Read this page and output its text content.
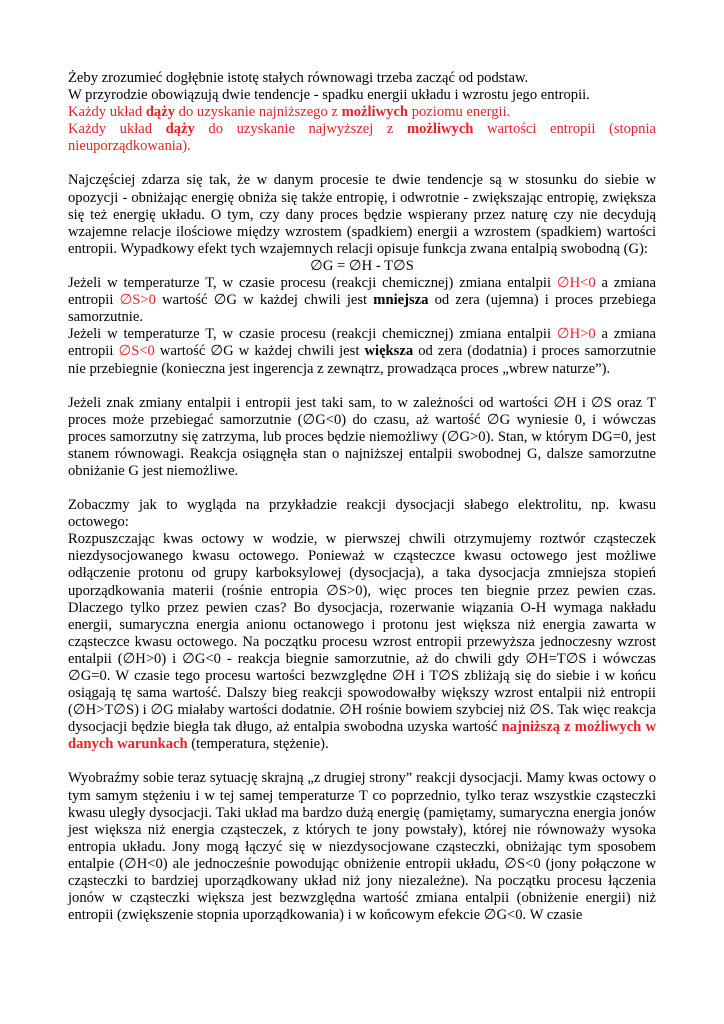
Żeby zrozumieć dogłębnie istotę stałych równowagi trzeba zacząć od podstaw.

W przyrodzie obowiązują dwie tendencje - spadku energii układu i wzrostu jego entropii.

Każdy układ dąży do uzyskanie najniższego z możliwych poziomu energii.

Każdy układ dąży do uzyskanie najwyższej z możliwych wartości entropii (stopnia nieuporządkowania).

Najczęściej zdarza się tak, że w danym procesie te dwie tendencje są w stosunku do siebie w opozycji - obniżając energię obniża się także entropię, i odwrotnie - zwiększając entropię, zwiększa się też energię układu. O tym, czy dany proces będzie wspierany przez naturę czy nie decydują wzajemne relacje ilościowe między wzrostem (spadkiem) energii a wzrostem (spadkiem) wartości entropii. Wypadkowy efekt tych wzajemnych relacji opisuje funkcja zwana entalpią swobodną (G):

∅G = ∅H - T∅S

Jeżeli w temperaturze T, w czasie procesu (reakcji chemicznej) zmiana entalpii ∅H<0 a zmiana entropii ∅S>0 wartość ∅G w każdej chwili jest mniejsza od zera (ujemna) i proces przebiega samorzutnie.

Jeżeli w temperaturze T, w czasie procesu (reakcji chemicznej) zmiana entalpii ∅H>0 a zmiana entropii ∅S<0 wartość ∅G w każdej chwili jest większa od zera (dodatnia) i proces samorzutnie nie przebiegnie (konieczna jest ingerencja z zewnątrz, prowadząca proces „wbrew naturze”).

Jeżeli znak zmiany entalpii i entropii jest taki sam, to w zależności od wartości ∅H i ∅S oraz T proces może przebiegać samorzutnie (∅G<0) do czasu, aż wartość ∅G wyniesie 0, i wówczas proces samorzutny się zatrzyma, lub proces będzie niemożliwy (∅G>0). Stan, w którym DG=0, jest stanem równowagi. Reakcja osiągnęła stan o najniższej entalpii swobodnej G, dalsze samorzutne obniżanie G jest niemożliwe.

Zobaczmy jak to wygląda na przykładzie reakcji dysocjacji słabego elektrolitu, np. kwasu octowego:

Rozpuszczając kwas octowy w wodzie, w pierwszej chwili otrzymujemy roztwór cząsteczek niezdysocjowanego kwasu octowego. Ponieważ w cząsteczce kwasu octowego jest możliwe odłączenie protonu od grupy karboksylowej (dysocjacja), a taka dysocjacja zmniejsza stopień uporządkowania materii (rośnie entropia ∅S>0), więc proces ten biegnie przez pewien czas. Dlaczego tylko przez pewien czas? Bo dysocjacja, rozerwanie wiązania O-H wymaga nakładu energii, sumaryczna energia anionu octanowego i protonu jest większa niż energia zawarta w cząsteczce kwasu octowego. Na początku procesu wzrost entropii przewyższa jednoczesny wzrost entalpii (∅H>0) i ∅G<0 - reakcja biegnie samorzutnie, aż do chwili gdy ∅H=T∅S i wówczas ∅G=0. W czasie tego procesu wartości bezwzględne ∅H i T∅S zbliżają się do siebie i w końcu osiągają tę sama wartość. Dalszy bieg reakcji spowodowałby większy wzrost entalpii niż entropii (∅H>T∅S) i ∅G miałaby wartości dodatnie. ∅H rośnie bowiem szybciej niż ∅S. Tak więc reakcja dysocjacji będzie biegła tak długo, aż entalpia swobodna uzyska wartość najniższą z możliwych w danych warunkach (temperatura, stężenie).

Wyobraźmy sobie teraz sytuację skrajną „z drugiej strony” reakcji dysocjacji. Mamy kwas octowy o tym samym stężeniu i w tej samej temperaturze T co poprzednio, tylko teraz wszystkie cząsteczki kwasu uległy dysocjacji. Taki układ ma bardzo dużą energię (pamiętamy, sumaryczna energia jonów jest większa niż energia cząsteczek, z których te jony powstały), której nie równoważy wysoka entropia układu. Jony mogą łączyć się w niezdysocjowane cząsteczki, obniżając tym sposobem entalpie (∅H<0) ale jednocześnie powodując obniżenie entropii układu, ∅S<0 (jony połączone w cząsteczki to bardziej uporządkowany układ niż jony niezależne). Na początku procesu łączenia jonów w cząsteczki większa jest bezwzględna wartość zmiana entalpii (obniżenie energii) niż entropii (zwiększenie stopnia uporządkowania) i w końcowym efekcie ∅G<0. W czasie
